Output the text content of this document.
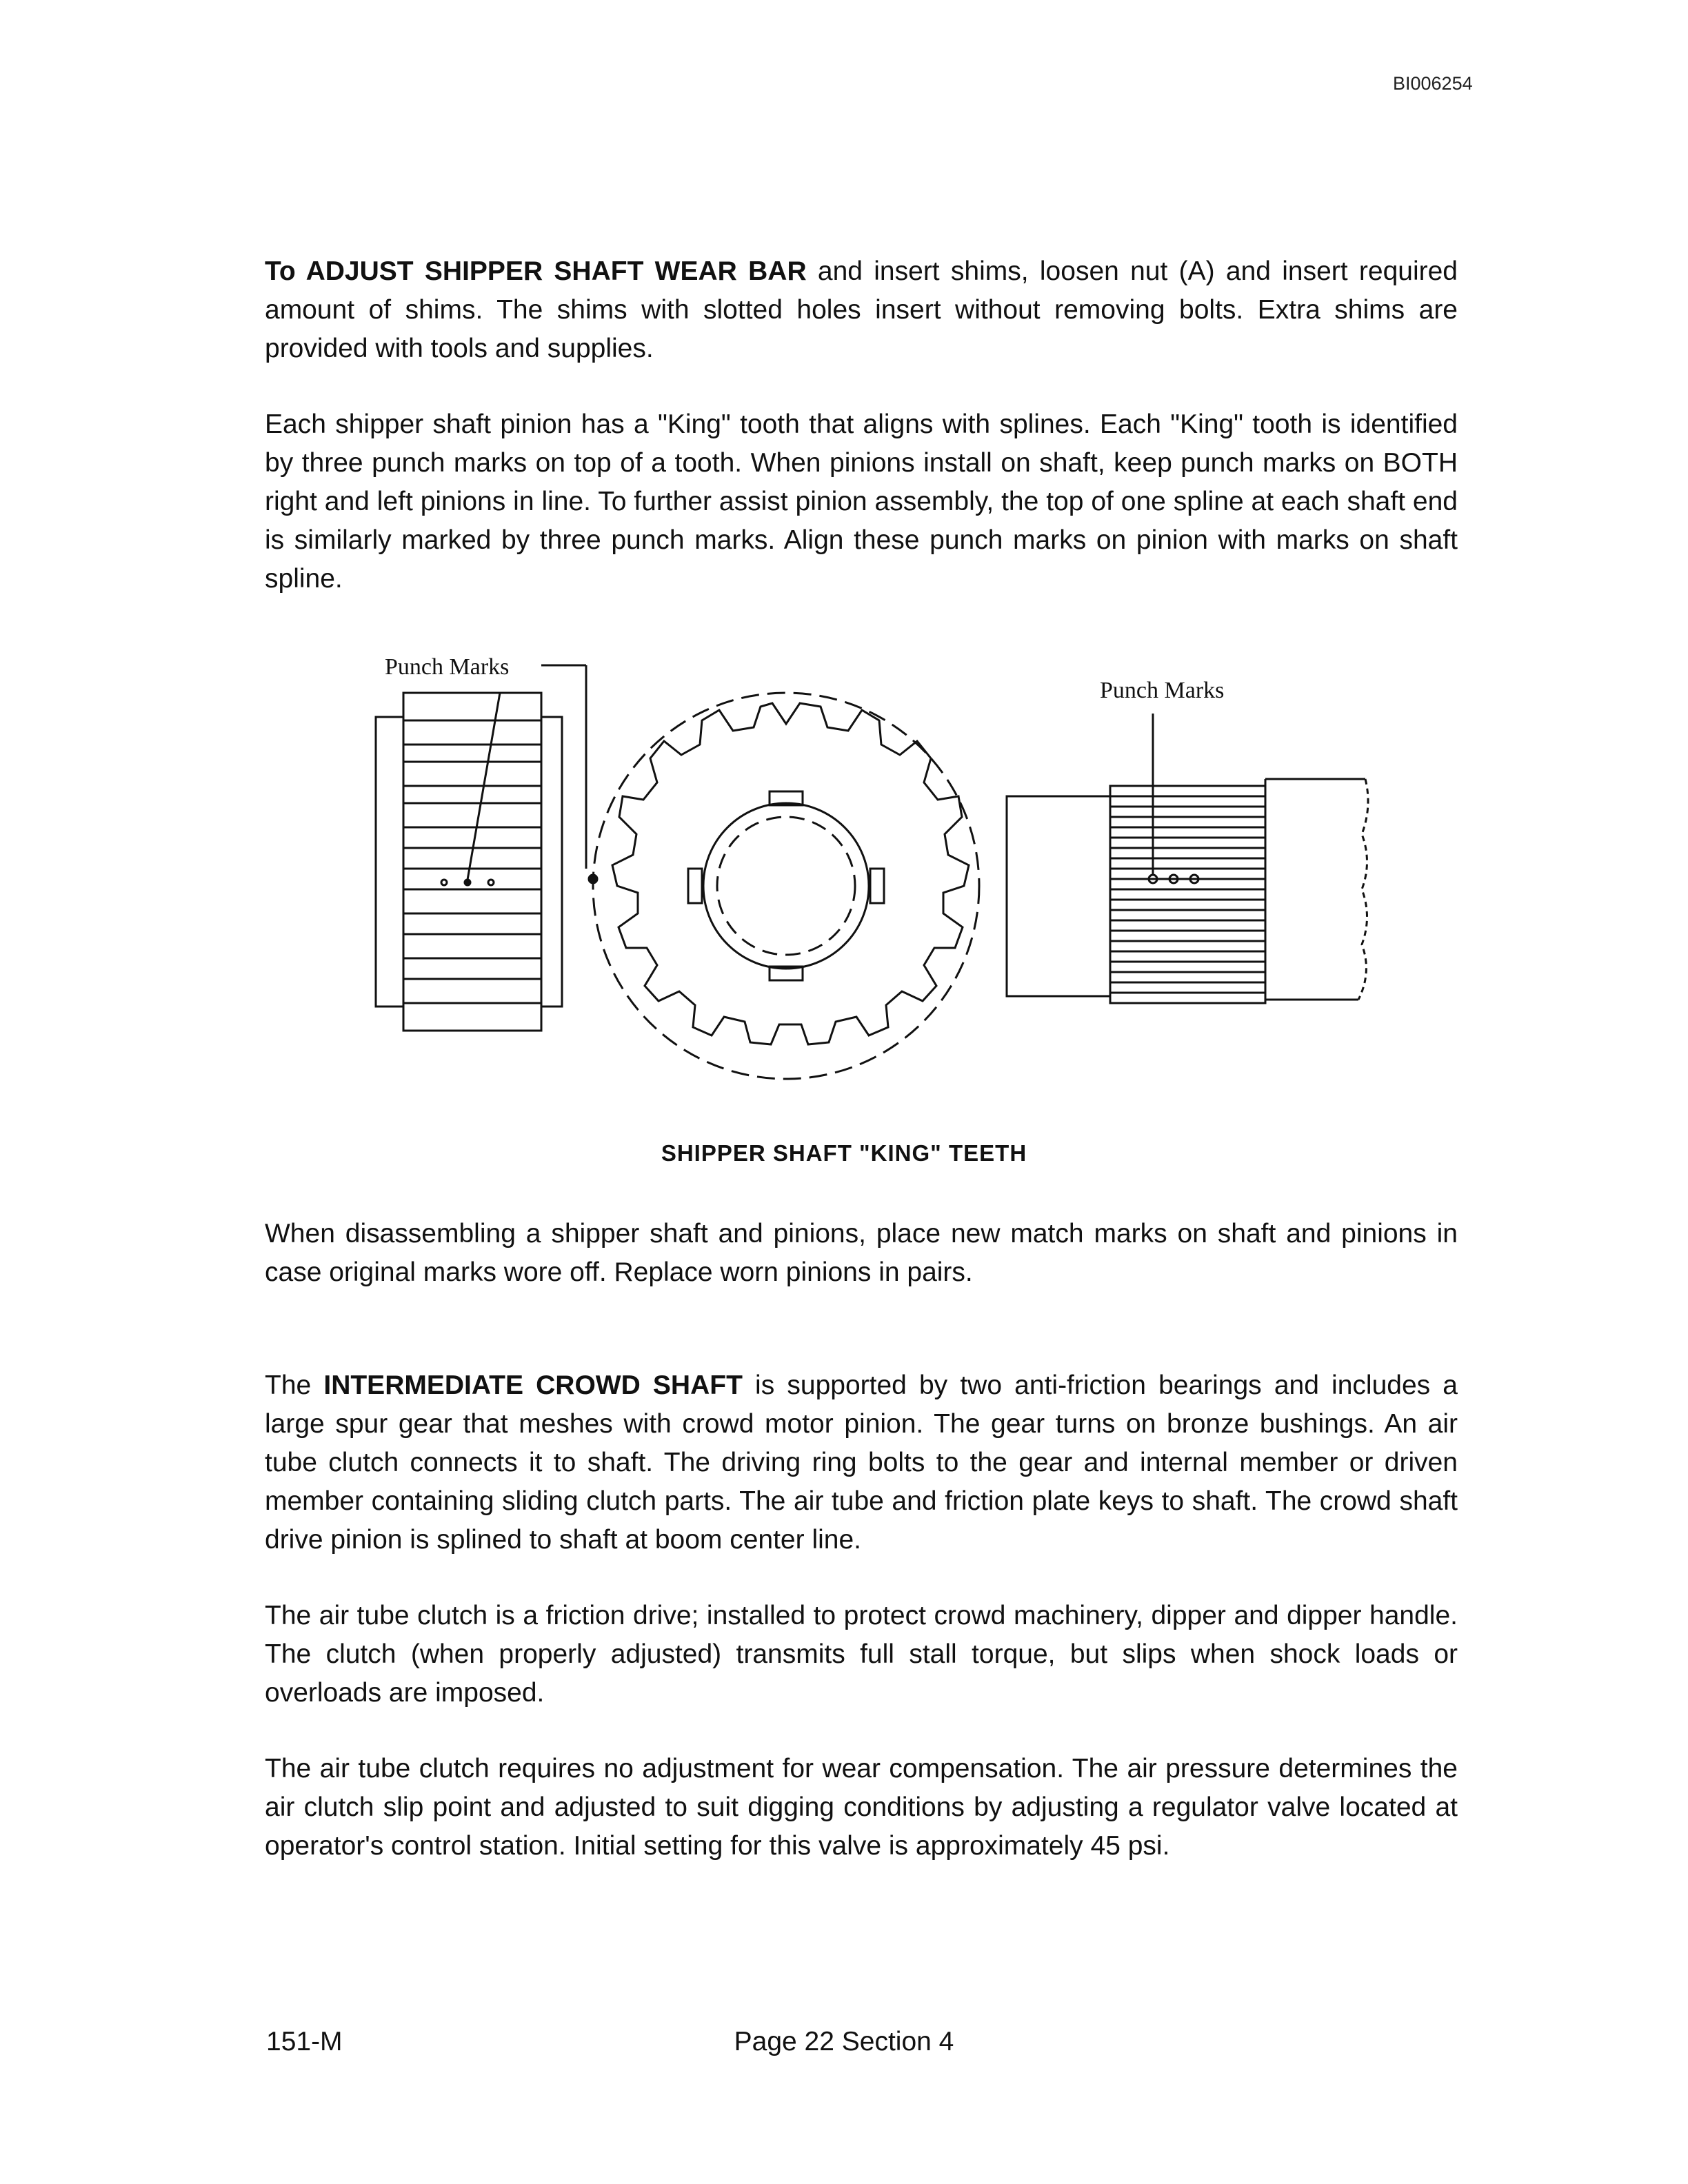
BI006254

To ADJUST SHIPPER SHAFT WEAR BAR and insert shims, loosen nut (A) and insert required amount of shims. The shims with slotted holes insert without removing bolts. Extra shims are provided with tools and supplies.

Each shipper shaft pinion has a "King" tooth that aligns with splines. Each "King" tooth is identified by three punch marks on top of a tooth. When pinions install on shaft, keep punch marks on BOTH right and left pinions in line. To further assist pinion assembly, the top of one spline at each shaft end is similarly marked by three punch marks. Align these punch marks on pinion with marks on shaft spline.

Punch Marks
Punch Marks
SHIPPER SHAFT "KING" TEETH

When disassembling a shipper shaft and pinions, place new match marks on shaft and pinions in case original marks wore off. Replace worn pinions in pairs.

The INTERMEDIATE CROWD SHAFT is supported by two anti-friction bearings and includes a large spur gear that meshes with crowd motor pinion. The gear turns on bronze bushings. An air tube clutch connects it to shaft. The driving ring bolts to the gear and internal member or driven member containing sliding clutch parts. The air tube and friction plate keys to shaft. The crowd shaft drive pinion is splined to shaft at boom center line.

The air tube clutch is a friction drive; installed to protect crowd machinery, dipper and dipper handle. The clutch (when properly adjusted) transmits full stall torque, but slips when shock loads or overloads are imposed.

The air tube clutch requires no adjustment for wear compensation. The air pressure determines the air clutch slip point and adjusted to suit digging conditions by adjusting a regulator valve located at operator's control station. Initial setting for this valve is approximately 45 psi.

151-M	Page 22 Section 4
